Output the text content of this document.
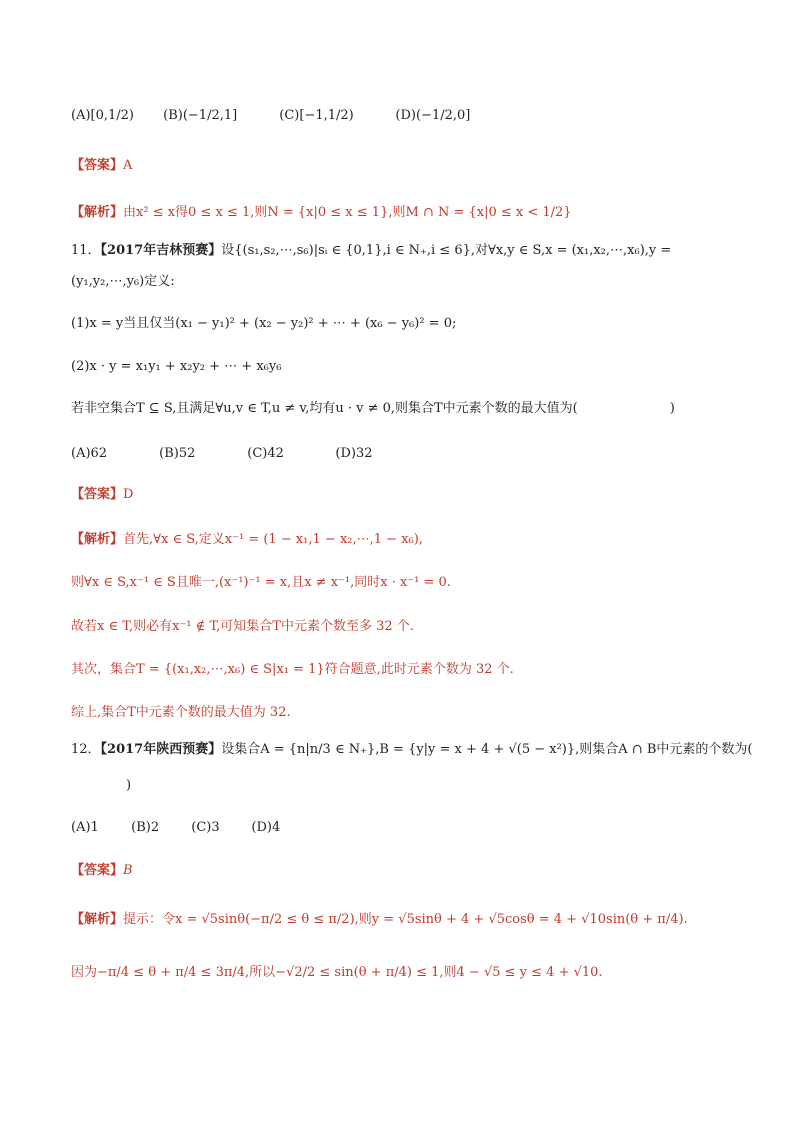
(A)[0,1/2) (B)(−1/2,1]	(C)[−1,1/2)	(D)(−1/2,0]
【答案】A
【解析】由x² ≤ x得0 ≤ x ≤ 1,则N = {x|0 ≤ x ≤ 1},则M ∩ N = {x|0 ≤ x < 1/2}
11．【2017年吉林预赛】设{(s₁,s₂,⋯,s₆)|sᵢ ∈ {0,1},i ∈ N₊,i ≤ 6},对∀x,y ∈ S,x = (x₁,x₂,⋯,x₆),y =
(y₁,y₂,⋯,y₆)定义:
(1)x = y当且仅当(x₁ − y₁)² + (x₂ − y₂)² + ⋯ + (x₆ − y₆)² = 0;
(2)x · y = x₁y₁ + x₂y₂ + ⋯ + x₆y₆
若非空集合T ⊆ S,且满足∀u,v ∈ T,u ≠ v,均有u · v ≠ 0,则集合T中元素个数的最大值为(	)
(A)62	(B)52	(C)42	(D)32
【答案】D
【解析】首先,∀x ∈ S,定义x⁻¹ = (1 − x₁,1 − x₂,⋯,1 − x₆),
则∀x ∈ S,x⁻¹ ∈ S且唯一,(x⁻¹)⁻¹ = x,且x ≠ x⁻¹,同时x · x⁻¹ = 0.
故若x ∈ T,则必有x⁻¹ ∉ T,可知集合T中元素个数至多 32 个.
其次，集合T = {(x₁,x₂,⋯,x₆) ∈ S|x₁ = 1}符合题意,此时元素个数为 32 个.
综上,集合T中元素个数的最大值为 32.
12．【2017年陕西预赛】设集合A = {n|n/3 ∈ N₊},B = {y|y = x + 4 + √(5 − x²)},则集合A ∩ B中元素的个数为(
)
(A)1 (B)2 (C)3 (D)4
【答案】B
【解析】提示：令x = √5sinθ(−π/2 ≤ θ ≤ π/2),则y = √5sinθ + 4 + √5cosθ = 4 + √10sin(θ + π/4).
因为−π/4 ≤ θ + π/4 ≤ 3π/4,所以−√2/2 ≤ sin(θ + π/4) ≤ 1,则4 − √5 ≤ y ≤ 4 + √10.
